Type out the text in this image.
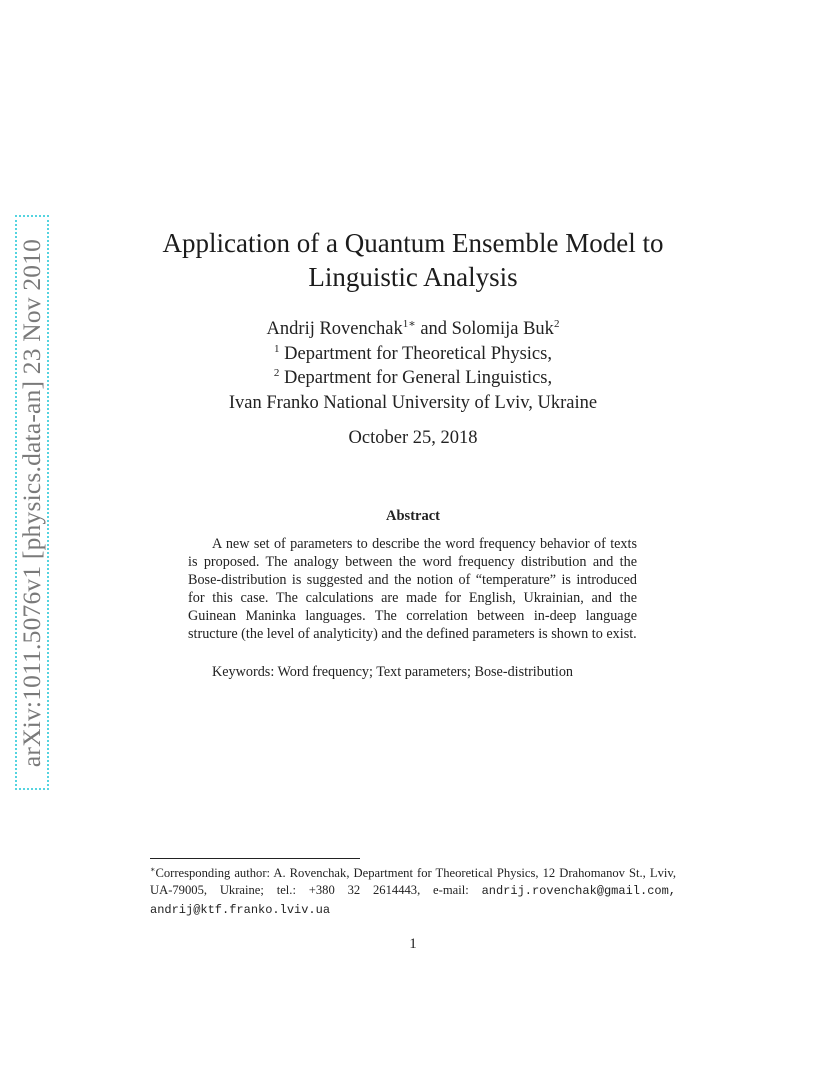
arXiv:1011.5076v1 [physics.data-an] 23 Nov 2010	Application of a Quantum Ensemble Model to
Linguistic Analysis
Andrij Rovenchak$^{1∗}$ and Solomija Buk$^2$
$^1$ Department for Theoretical Physics,
$^2$ Department for General Linguistics,
Ivan Franko National University of Lviv, Ukraine
October 25, 2018
Abstract

A new set of parameters to describe the word frequency behavior of texts is proposed. The analogy between the word frequency distribution and the Bose-distribution is suggested and the notion of “temperature” is introduced for this case. The calculations are made for English, Ukrainian, and the Guinean Maninka languages. The correlation between in-deep language structure (the level of analyticity) and the defined parameters is shown to exist.

Keywords: Word frequency; Text parameters; Bose-distribution

∗Corresponding author: A. Rovenchak, Department for Theoretical Physics, 12 Drahomanov St., Lviv, UA-79005, Ukraine; tel.: +380 32 2614443, e-mail: andrij.rovenchak@gmail.com, andrij@ktf.franko.lviv.ua

1
